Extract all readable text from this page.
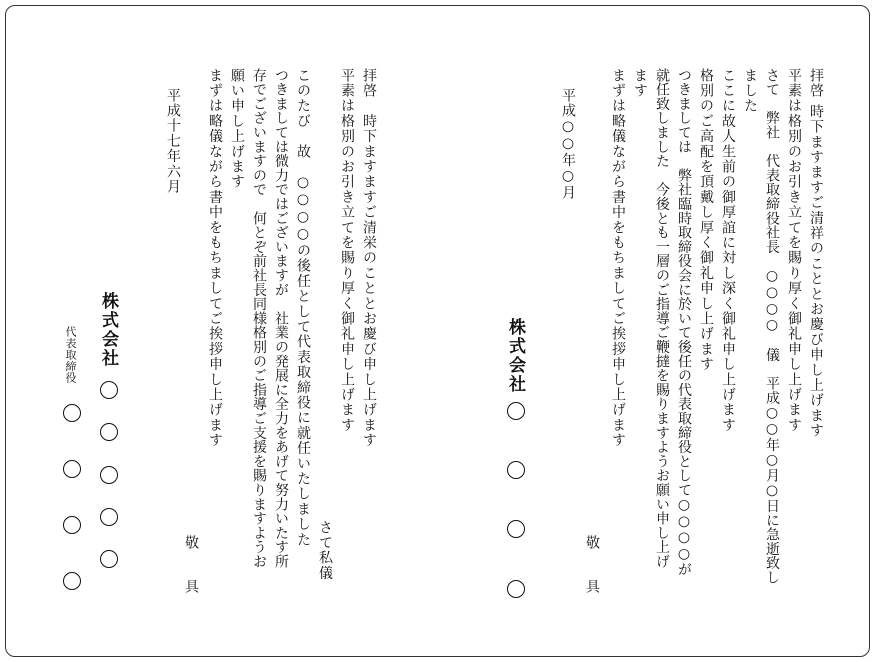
拝啓 時下ますますご清祥のこととお慶び申し上げます
平素は格別のお引き立てを賜り厚く御礼申し上げます
さて　弊社　代表取締役社長　○○○○　儀　平成○○年○月○日に急逝致し
ました
ここに故人生前の御厚誼に対し深く御礼申し上げます
格別のご高配を頂戴し厚く御礼申し上げます
つきましては　弊社臨時取締役会に於いて後任の代表取締役として○○○○が
就任致しました　今後とも一層のご指導ご鞭撻を賜りますようお願い申し上げ
ます
まずは略儀ながら書中をもちましてご挨拶申し上げます
敬　具
平成○○年○月
株式会社
拝啓　時下ますますご清栄のこととお慶び申し上げます
平素は格別のお引き立てを賜り厚く御礼申し上げます
さて私儀
このたび　故　○○○○の後任として代表取締役に就任いたしました
つきましては微力ではございますが　社業の発展に全力をあげて努力いたす所
存でございますので　何とぞ前社長同様格別のご指導ご支援を賜りますようお
願い申し上げます
まずは略儀ながら書中をもちましてご挨拶申し上げます
敬　具
平成十七年六月
株式会社
代表取締役
